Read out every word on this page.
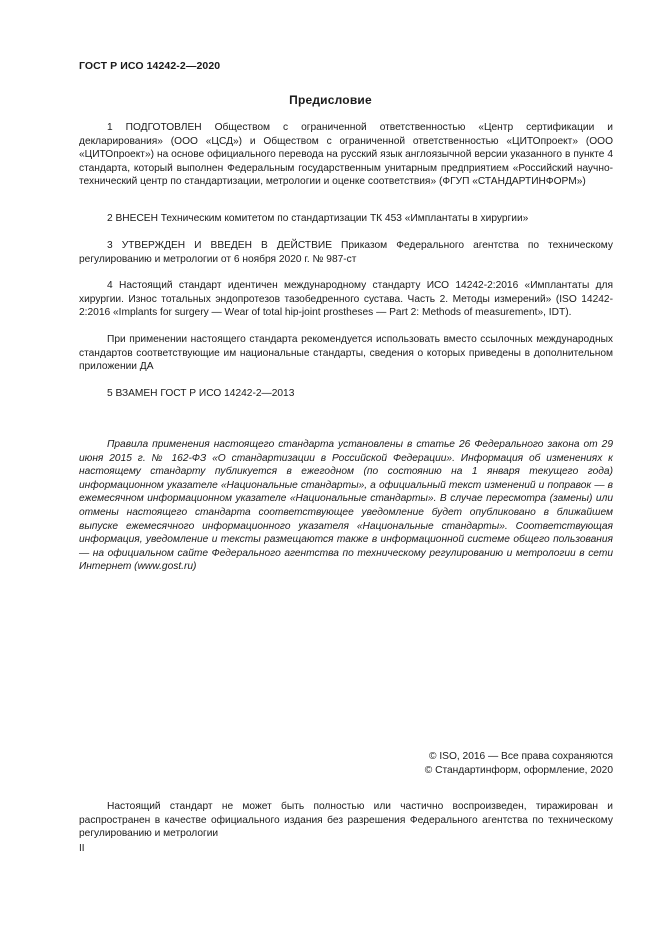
ГОСТ Р ИСО 14242-2—2020
Предисловие

1 ПОДГОТОВЛЕН Обществом с ограниченной ответственностью «Центр сертификации и декларирования» (ООО «ЦСД») и Обществом с ограниченной ответственностью «ЦИТОпроект» (ООО «ЦИТОпроект») на основе официального перевода на русский язык англоязычной версии указанного в пункте 4 стандарта, который выполнен Федеральным государственным унитарным предприятием «Российский научно-технический центр по стандартизации, метрологии и оценке соответствия» (ФГУП «СТАНДАРТИНФОРМ»)

2 ВНЕСЕН Техническим комитетом по стандартизации ТК 453 «Имплантаты в хирургии»

3 УТВЕРЖДЕН И ВВЕДЕН В ДЕЙСТВИЕ Приказом Федерального агентства по техническому регулированию и метрологии от 6 ноября 2020 г. № 987-ст

4 Настоящий стандарт идентичен международному стандарту ИСО 14242-2:2016 «Имплантаты для хирургии. Износ тотальных эндопротезов тазобедренного сустава. Часть 2. Методы измерений» (ISO 14242-2:2016 «Implants for surgery — Wear of total hip-joint prostheses — Part 2: Methods of measurement», IDT).

При применении настоящего стандарта рекомендуется использовать вместо ссылочных международных стандартов соответствующие им национальные стандарты, сведения о которых приведены в дополнительном приложении ДА

5 ВЗАМЕН ГОСТ Р ИСО 14242-2—2013

Правила применения настоящего стандарта установлены в статье 26 Федерального закона от 29 июня 2015 г. № 162-ФЗ «О стандартизации в Российской Федерации». Информация об изменениях к настоящему стандарту публикуется в ежегодном (по состоянию на 1 января текущего года) информационном указателе «Национальные стандарты», а официальный текст изменений и поправок — в ежемесячном информационном указателе «Национальные стандарты». В случае пересмотра (замены) или отмены настоящего стандарта соответствующее уведомление будет опубликовано в ближайшем выпуске ежемесячного информационного указателя «Национальные стандарты». Соответствующая информация, уведомление и тексты размещаются также в информационной системе общего пользования — на официальном сайте Федерального агентства по техническому регулированию и метрологии в сети Интернет (www.gost.ru)

© ISO, 2016 — Все права сохраняются
© Стандартинформ, оформление, 2020

Настоящий стандарт не может быть полностью или частично воспроизведен, тиражирован и распространен в качестве официального издания без разрешения Федерального агентства по техническому регулированию и метрологии

II
